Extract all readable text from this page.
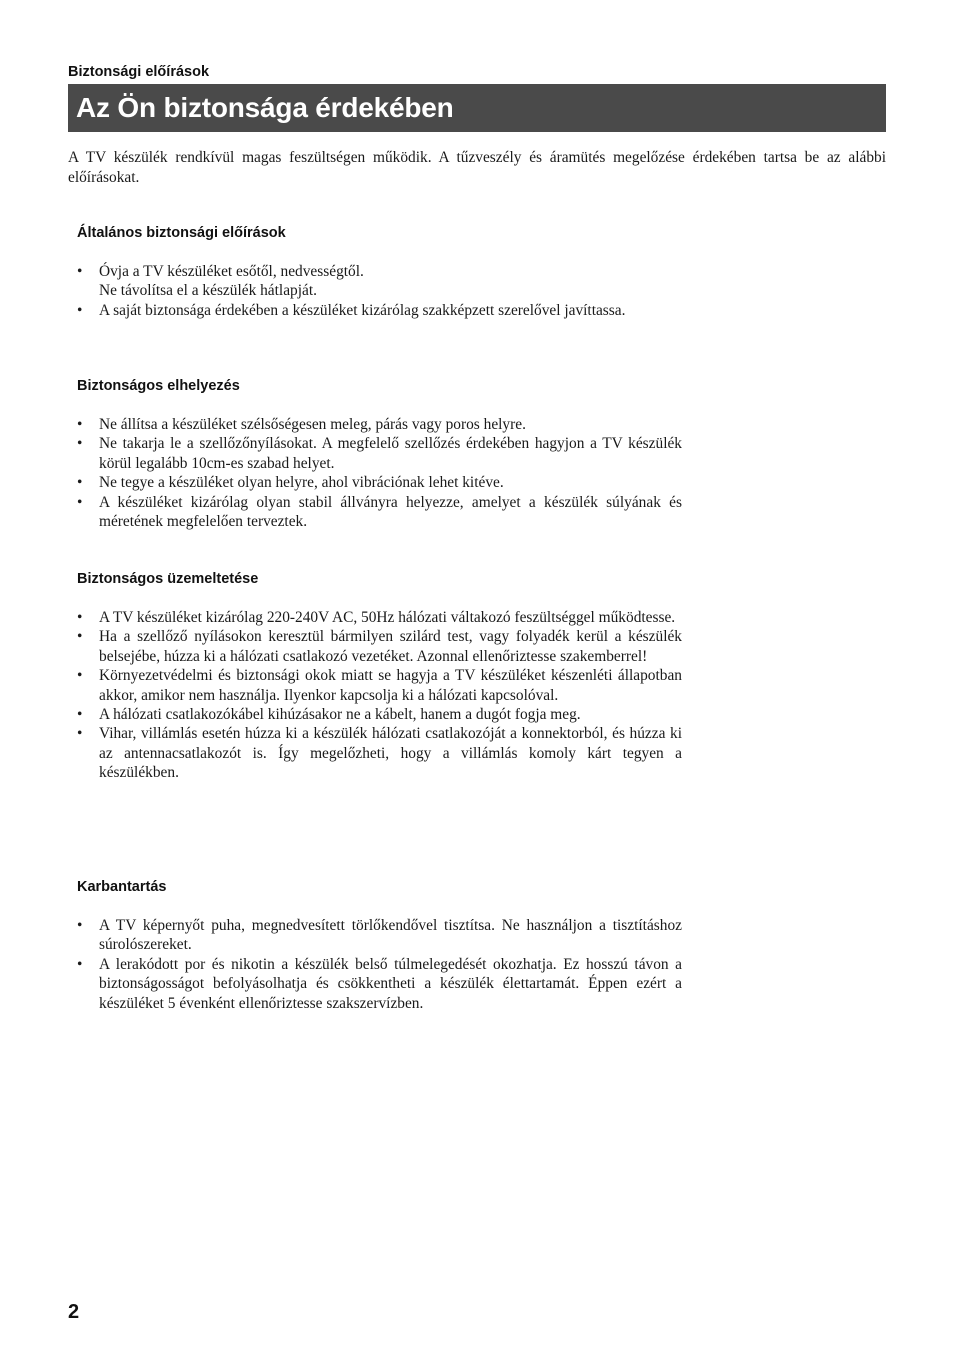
Biztonsági előírások
Az Ön biztonsága érdekében

A TV készülék rendkívül magas feszültségen működik. A tűzveszély és áramütés megelőzése érdekében tartsa be az alábbi előírásokat.

Általános biztonsági előírások
• Óvja a TV készüléket esőtől, nedvességtől.
Ne távolítsa el a készülék hátlapját.
• A saját biztonsága érdekében a készüléket kizárólag szakképzett szerelővel javíttassa.
Biztonságos elhelyezés
• Ne állítsa a készüléket szélsőségesen meleg, párás vagy poros helyre.
• Ne takarja le a szellőzőnyílásokat. A megfelelő szellőzés érdekében hagyjon a TV készülék körül legalább 10cm-es szabad helyet.
• Ne tegye a készüléket olyan helyre, ahol vibrációnak lehet kitéve.
• A készüléket kizárólag olyan stabil állványra helyezze, amelyet a készülék súlyának és méretének megfelelően terveztek.
Biztonságos üzemeltetése
• A TV készüléket kizárólag 220-240V AC, 50Hz hálózati váltakozó feszültséggel működtesse.
• Ha a szellőző nyílásokon keresztül bármilyen szilárd test, vagy folyadék kerül a készülék belsejébe, húzza ki a hálózati csatlakozó vezetéket. Azonnal ellenőriztesse szakemberrel!
• Környezetvédelmi és biztonsági okok miatt se hagyja a TV készüléket készenléti állapotban akkor, amikor nem használja. Ilyenkor kapcsolja ki a hálózati kapcsolóval.
• A hálózati csatlakozókábel kihúzásakor ne a kábelt, hanem a dugót fogja meg.
• Vihar, villámlás esetén húzza ki a készülék hálózati csatlakozóját a konnektorból, és húzza ki az antennacsatlakozót is. Így megelőzheti, hogy a villámlás komoly kárt tegyen a készülékben.
Karbantartás
• A TV képernyőt puha, megnedvesített törlőkendővel tisztítsa. Ne használjon a tisztításhoz súrolószereket.
• A lerakódott por és nikotin a készülék belső túlmelegedését okozhatja. Ez hosszú távon a biztonságosságot befolyásolhatja és csökkentheti a készülék élettartamát. Éppen ezért a készüléket 5 évenként ellenőriztesse szakszervízben.
2
